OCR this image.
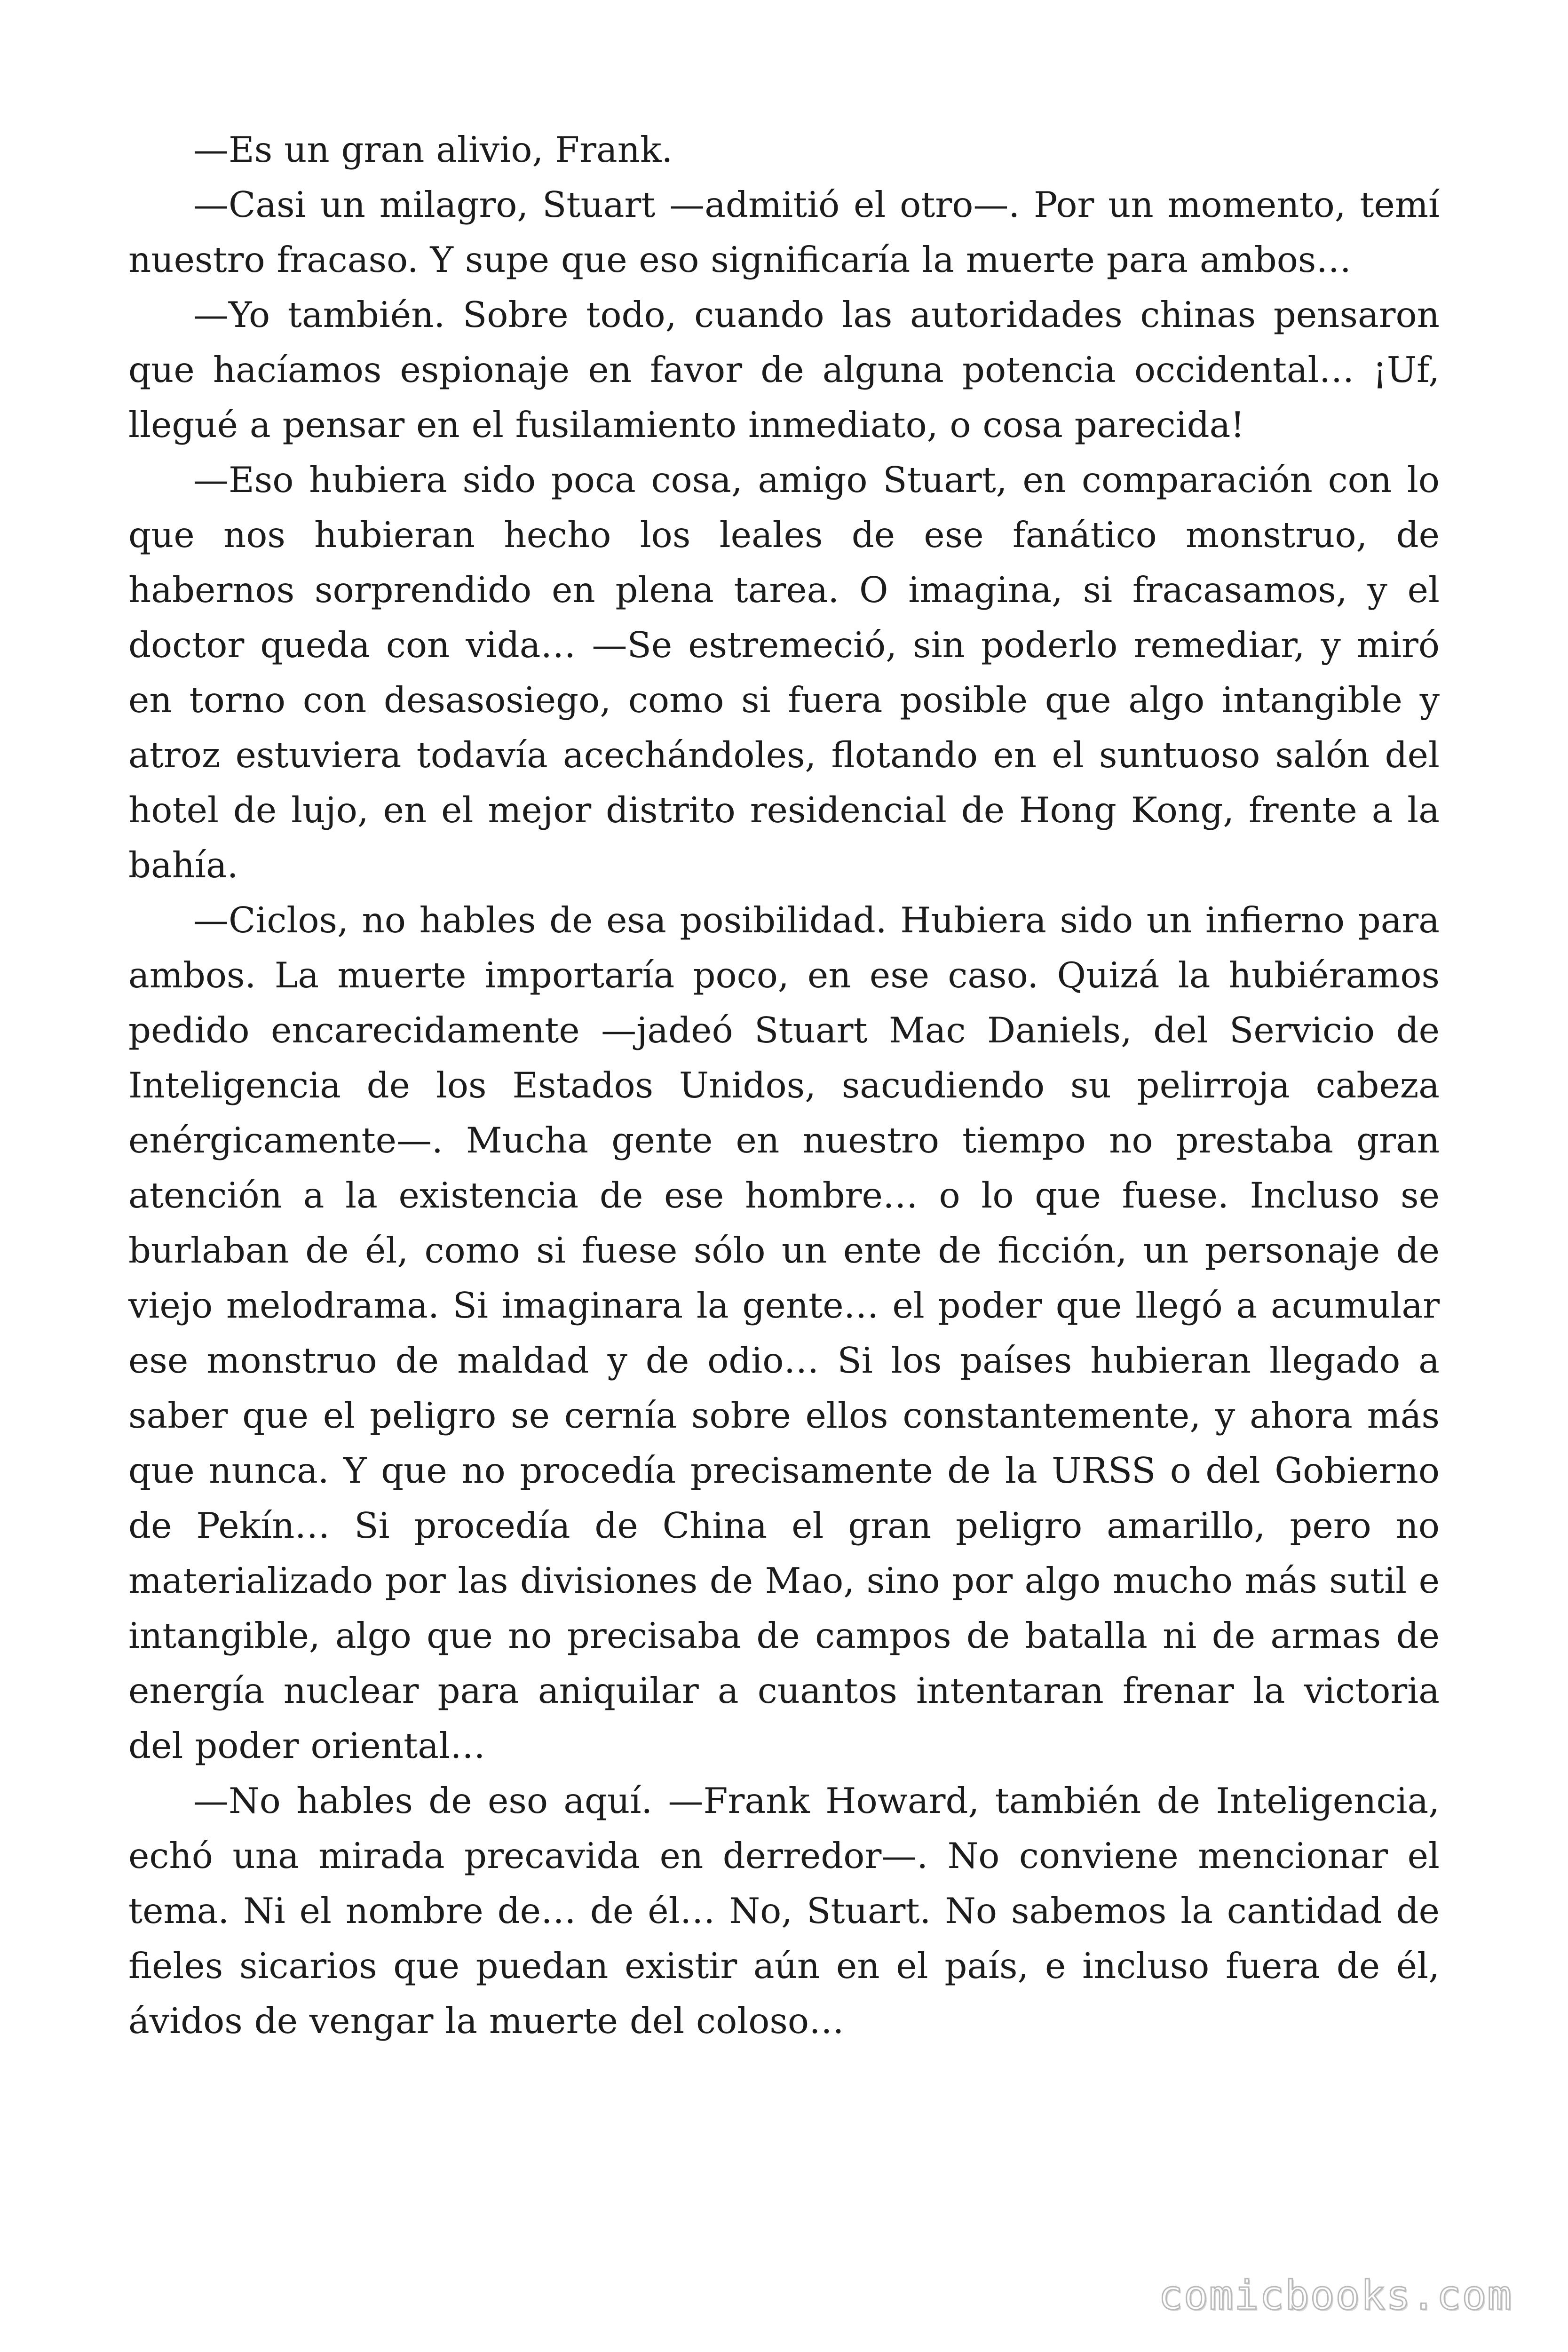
—Es un gran alivio, Frank.

—Casi un milagro, Stuart —admitió el otro—. Por un momento, temí nuestro fracaso. Y supe que eso significaría la muerte para ambos…

—Yo también. Sobre todo, cuando las autoridades chinas pensaron que hacíamos espionaje en favor de alguna potencia occidental… ¡Uf, llegué a pensar en el fusilamiento inmediato, o cosa parecida!

—Eso hubiera sido poca cosa, amigo Stuart, en comparación con lo que nos hubieran hecho los leales de ese fanático monstruo, de habernos sorprendido en plena tarea. O imagina, si fracasamos, y el doctor queda con vida… —Se estremeció, sin poderlo remediar, y miró en torno con desasosiego, como si fuera posible que algo intangible y atroz estuviera todavía acechándoles, flotando en el suntuoso salón del hotel de lujo, en el mejor distrito residencial de Hong Kong, frente a la bahía.

—Ciclos, no hables de esa posibilidad. Hubiera sido un infierno para ambos. La muerte importaría poco, en ese caso. Quizá la hubiéramos pedido encarecidamente —jadeó Stuart Mac Daniels, del Servicio de Inteligencia de los Estados Unidos, sacudiendo su pelirroja cabeza enérgicamente—. Mucha gente en nuestro tiempo no prestaba gran atención a la existencia de ese hombre… o lo que fuese. Incluso se burlaban de él, como si fuese sólo un ente de ficción, un personaje de viejo melodrama. Si imaginara la gente… el poder que llegó a acumular ese monstruo de maldad y de odio… Si los países hubieran llegado a saber que el peligro se cernía sobre ellos constantemente, y ahora más que nunca. Y que no procedía precisamente de la URSS o del Gobierno de Pekín… Si procedía de China el gran peligro amarillo, pero no materializado por las divisiones de Mao, sino por algo mucho más sutil e intangible, algo que no precisaba de campos de batalla ni de armas de energía nuclear para aniquilar a cuantos intentaran frenar la victoria del poder oriental…

—No hables de eso aquí. —Frank Howard, también de Inteligencia, echó una mirada precavida en derredor—. No conviene mencionar el tema. Ni el nombre de… de él… No, Stuart. No sabemos la cantidad de fieles sicarios que puedan existir aún en el país, e incluso fuera de él, ávidos de vengar la muerte del coloso…

comicbooks.com
